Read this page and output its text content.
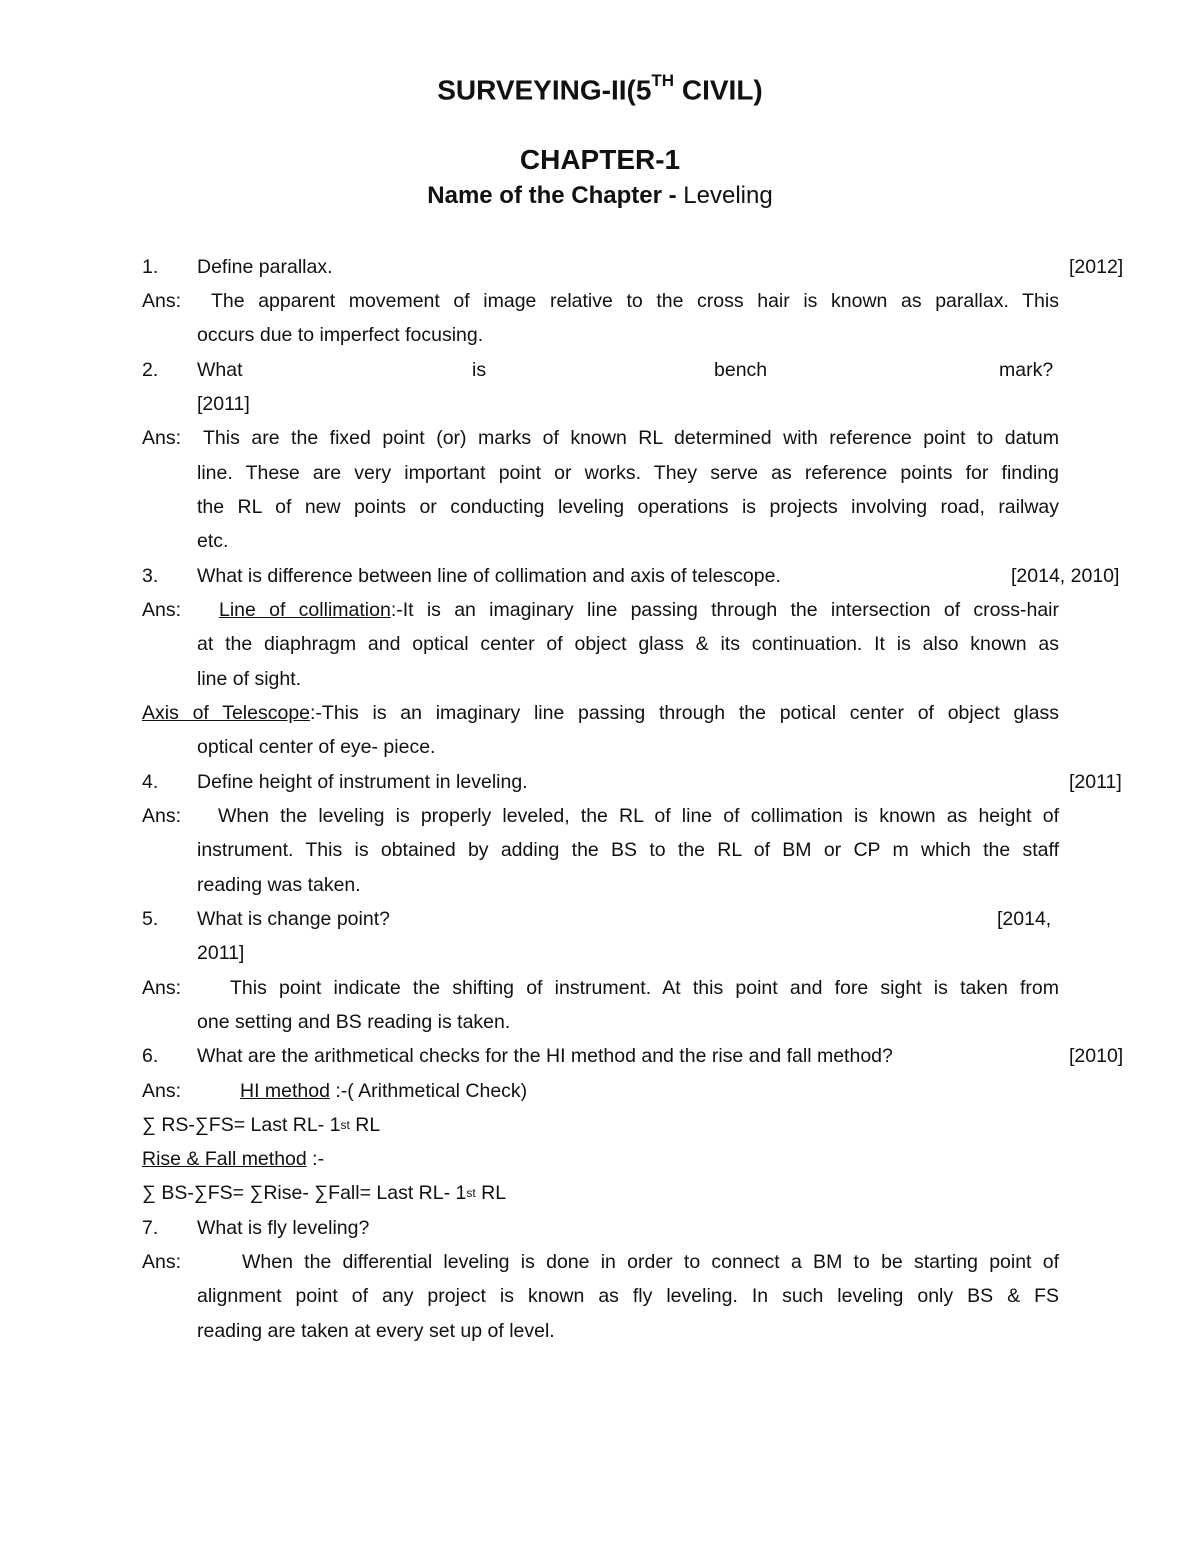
SURVEYING-II(5TH CIVIL)
CHAPTER-1
Name of the Chapter - Leveling
1. Define parallax.	[2012]
Ans: The apparent movement of image relative to the cross hair is known as parallax. This
occurs due to imperfect focusing.
2. What	is	bench	mark?
[2011]
Ans: This are the fixed point (or) marks of known RL determined with reference point to datum
line. These are very important point or works. They serve as reference points for finding
the RL of new points or conducting leveling operations is projects involving road, railway
etc.
3. What is difference between line of collimation and axis of telescope.	[2014, 2010]
Ans: Line of collimation:-It is an imaginary line passing through the intersection of cross-hair
at the diaphragm and optical center of object glass & its continuation. It is also known as
line of sight.
Axis of Telescope:-This is an imaginary line passing through the potical center of object glass
optical center of eye- piece.
4. Define height of instrument in leveling.	[2011]
Ans: When the leveling is properly leveled, the RL of line of collimation is known as height of
instrument. This is obtained by adding the BS to the RL of BM or CP m which the staff
reading was taken.
5. What is change point?	[2014,
2011]
Ans:	This point indicate the shifting of instrument. At this point and fore sight is taken from
one setting and BS reading is taken.
6. What are the arithmetical checks for the HI method and the rise and fall method?	[2010]
Ans:	HI method :-( Arithmetical Check)
∑ RS-∑FS= Last RL- 1st RL
Rise & Fall method :-
∑ BS-∑FS= ∑Rise- ∑Fall= Last RL- 1st RL
7. What is fly leveling?
Ans:	When the differential leveling is done in order to connect a BM to be starting point of
alignment point of any project is known as fly leveling. In such leveling only BS & FS
reading are taken at every set up of level.
